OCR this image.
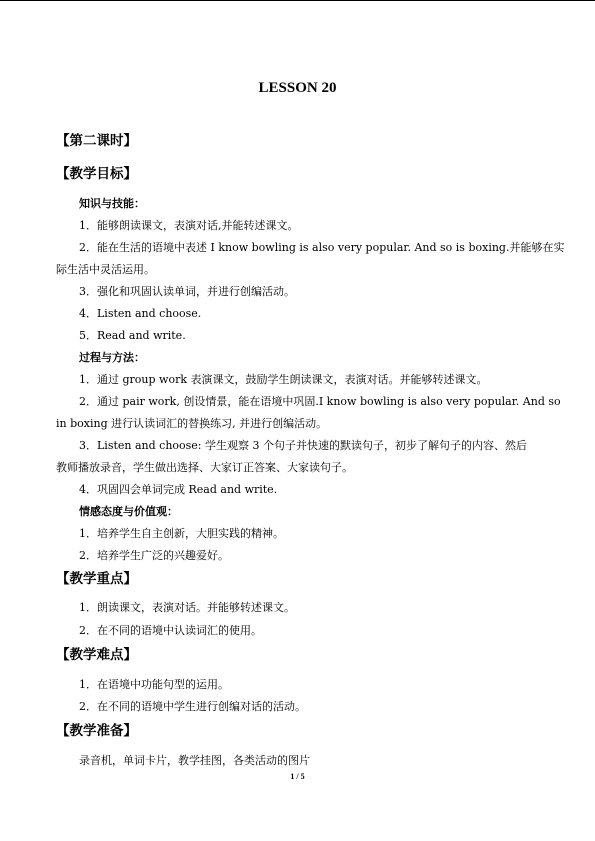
LESSON 20
【第二课时】
【教学目标】
知识与技能：
1．能够朗读课文，表演对话,并能转述课文。
2．能在生活的语境中表述 I know bowling is also very popular. And so is boxing.并能够在实
际生活中灵活运用。
3．强化和巩固认读单词，并进行创编活动。
4．Listen and choose.
5．Read and write.
过程与方法：
1．通过 group work 表演课文，鼓励学生朗读课文，表演对话。并能够转述课文。
2．通过 pair work, 创设情景，能在语境中巩固.I know bowling is also very popular. And so
in boxing 进行认读词汇的替换练习, 并进行创编活动。
3．Listen and choose: 学生观察 3 个句子并快速的默读句子，初步了解句子的内容、然后
教师播放录音，学生做出选择、大家订正答案、大家读句子。
4．巩固四会单词完成 Read and write.
情感态度与价值观：
1．培养学生自主创新，大胆实践的精神。
2．培养学生广泛的兴趣爱好。
【教学重点】
1．朗读课文，表演对话。并能够转述课文。
2．在不同的语境中认读词汇的使用。
【教学难点】
1．在语境中功能句型的运用。
2．在不同的语境中学生进行创编对话的活动。
【教学准备】
录音机，单词卡片，教学挂图，各类活动的图片
1 / 5
